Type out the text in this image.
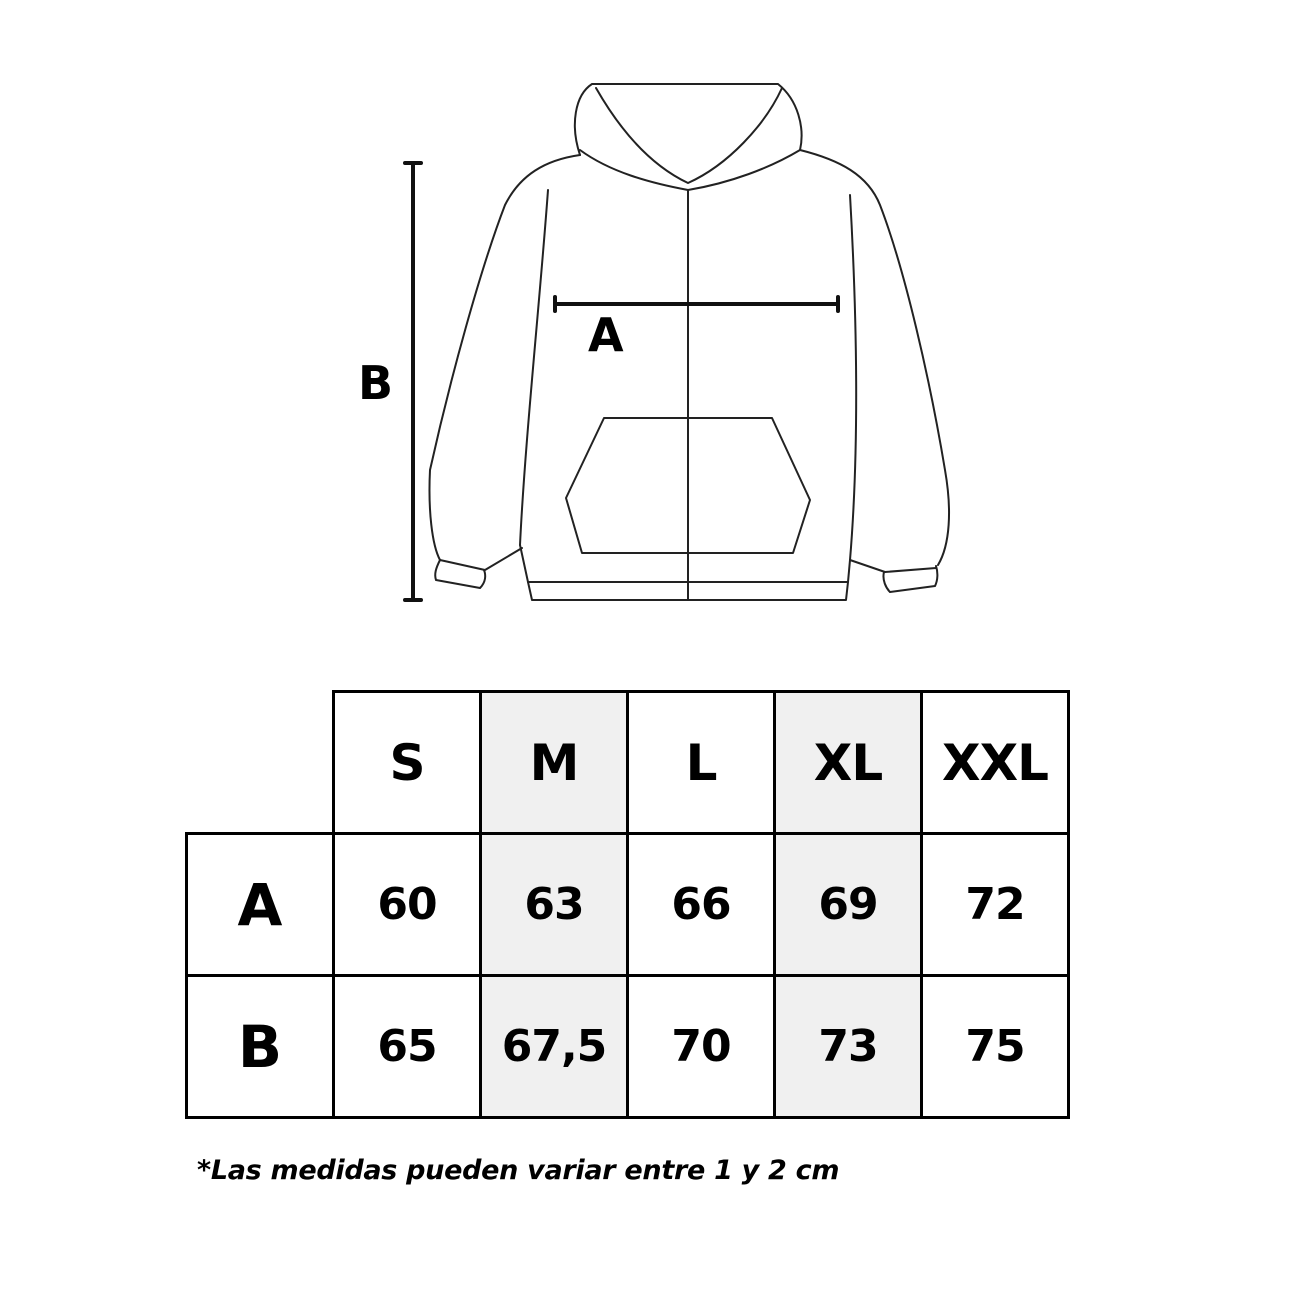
B
A
	S	M	L	XL	XXL
A	60	63	66	69	72
B	65	67,5	70	73	75
*Las medidas pueden variar entre 1 y 2 cm
